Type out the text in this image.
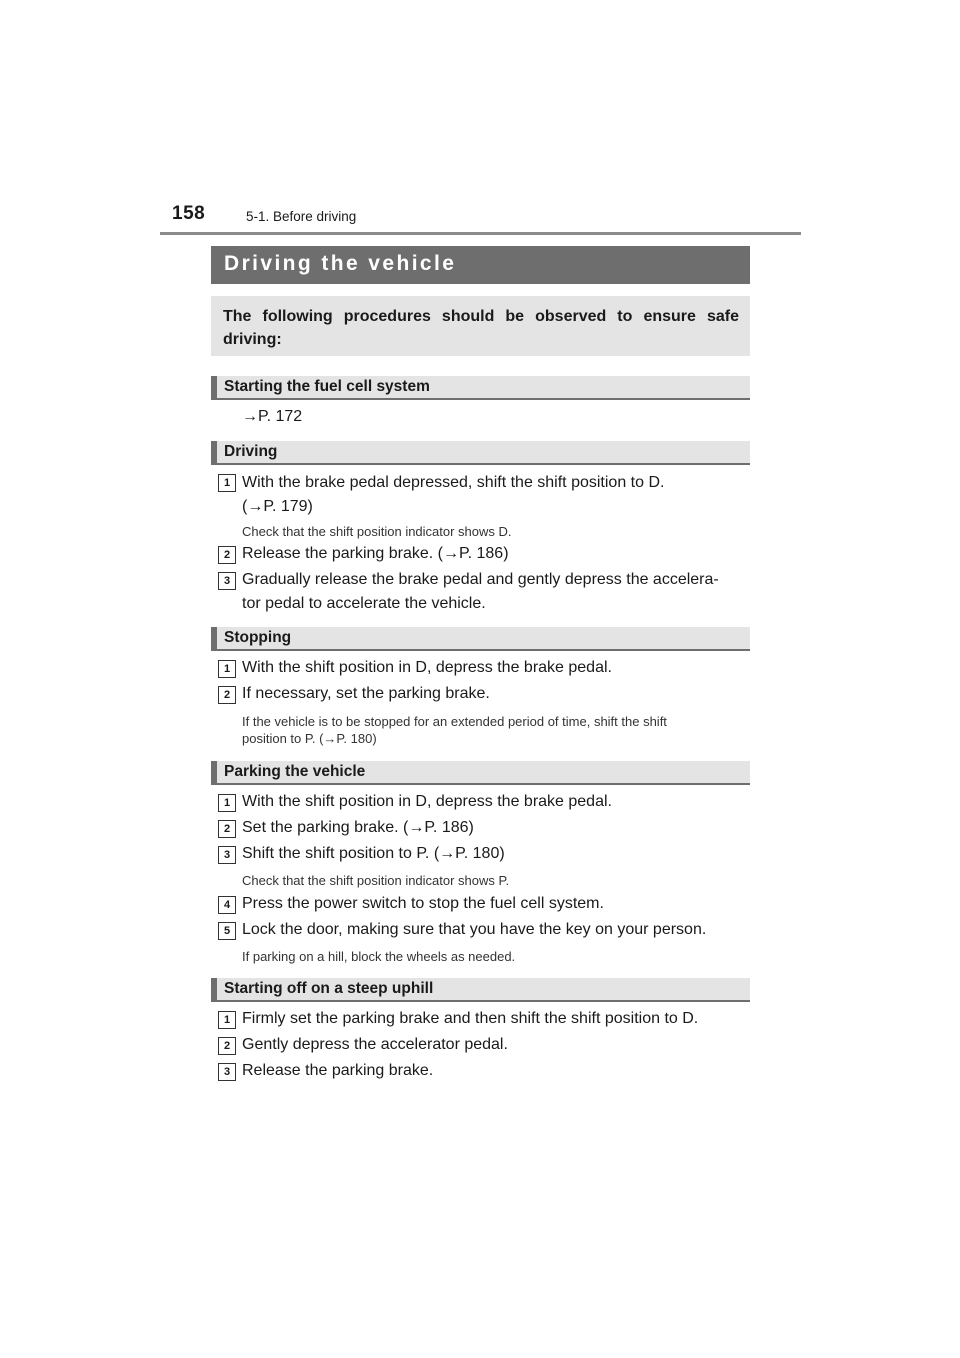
158	5-1. Before driving
Driving the vehicle
The following procedures should be observed to ensure safe driving:
Starting the fuel cell system
→P. 172
Driving
1 With the brake pedal depressed, shift the shift position to D.
(→P. 179)
Check that the shift position indicator shows D.
2 Release the parking brake. (→P. 186)
3 Gradually release the brake pedal and gently depress the accelera-
tor pedal to accelerate the vehicle.
Stopping
1 With the shift position in D, depress the brake pedal.
2 If necessary, set the parking brake.
If the vehicle is to be stopped for an extended period of time, shift the shift
position to P. (→P. 180)
Parking the vehicle
1 With the shift position in D, depress the brake pedal.
2 Set the parking brake. (→P. 186)
3 Shift the shift position to P. (→P. 180)
Check that the shift position indicator shows P.
4 Press the power switch to stop the fuel cell system.
5 Lock the door, making sure that you have the key on your person.
If parking on a hill, block the wheels as needed.
Starting off on a steep uphill
1 Firmly set the parking brake and then shift the shift position to D.
2 Gently depress the accelerator pedal.
3 Release the parking brake.
